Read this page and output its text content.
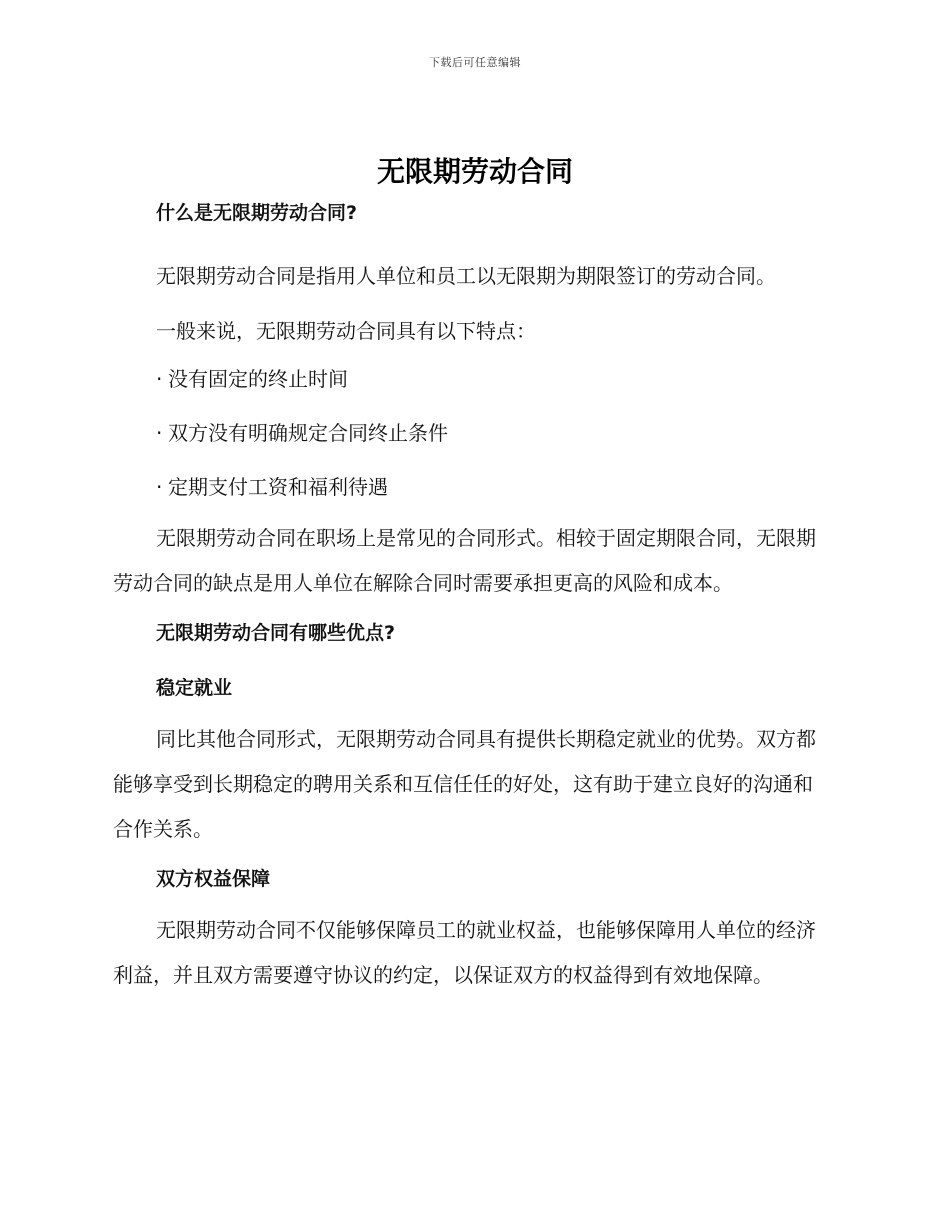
下载后可任意编辑
无限期劳动合同
什么是无限期劳动合同?

无限期劳动合同是指用人单位和员工以无限期为期限签订的劳动合同。

一般来说，无限期劳动合同具有以下特点：

· 没有固定的终止时间
· 双方没有明确规定合同终止条件
· 定期支付工资和福利待遇

无限期劳动合同在职场上是常见的合同形式。相较于固定期限合同，无限期劳动合同的缺点是用人单位在解除合同时需要承担更高的风险和成本。

无限期劳动合同有哪些优点?
稳定就业

同比其他合同形式，无限期劳动合同具有提供长期稳定就业的优势。双方都能够享受到长期稳定的聘用关系和互信任任的好处，这有助于建立良好的沟通和合作关系。

双方权益保障

无限期劳动合同不仅能够保障员工的就业权益，也能够保障用人单位的经济利益，并且双方需要遵守协议的约定，以保证双方的权益得到有效地保障。
